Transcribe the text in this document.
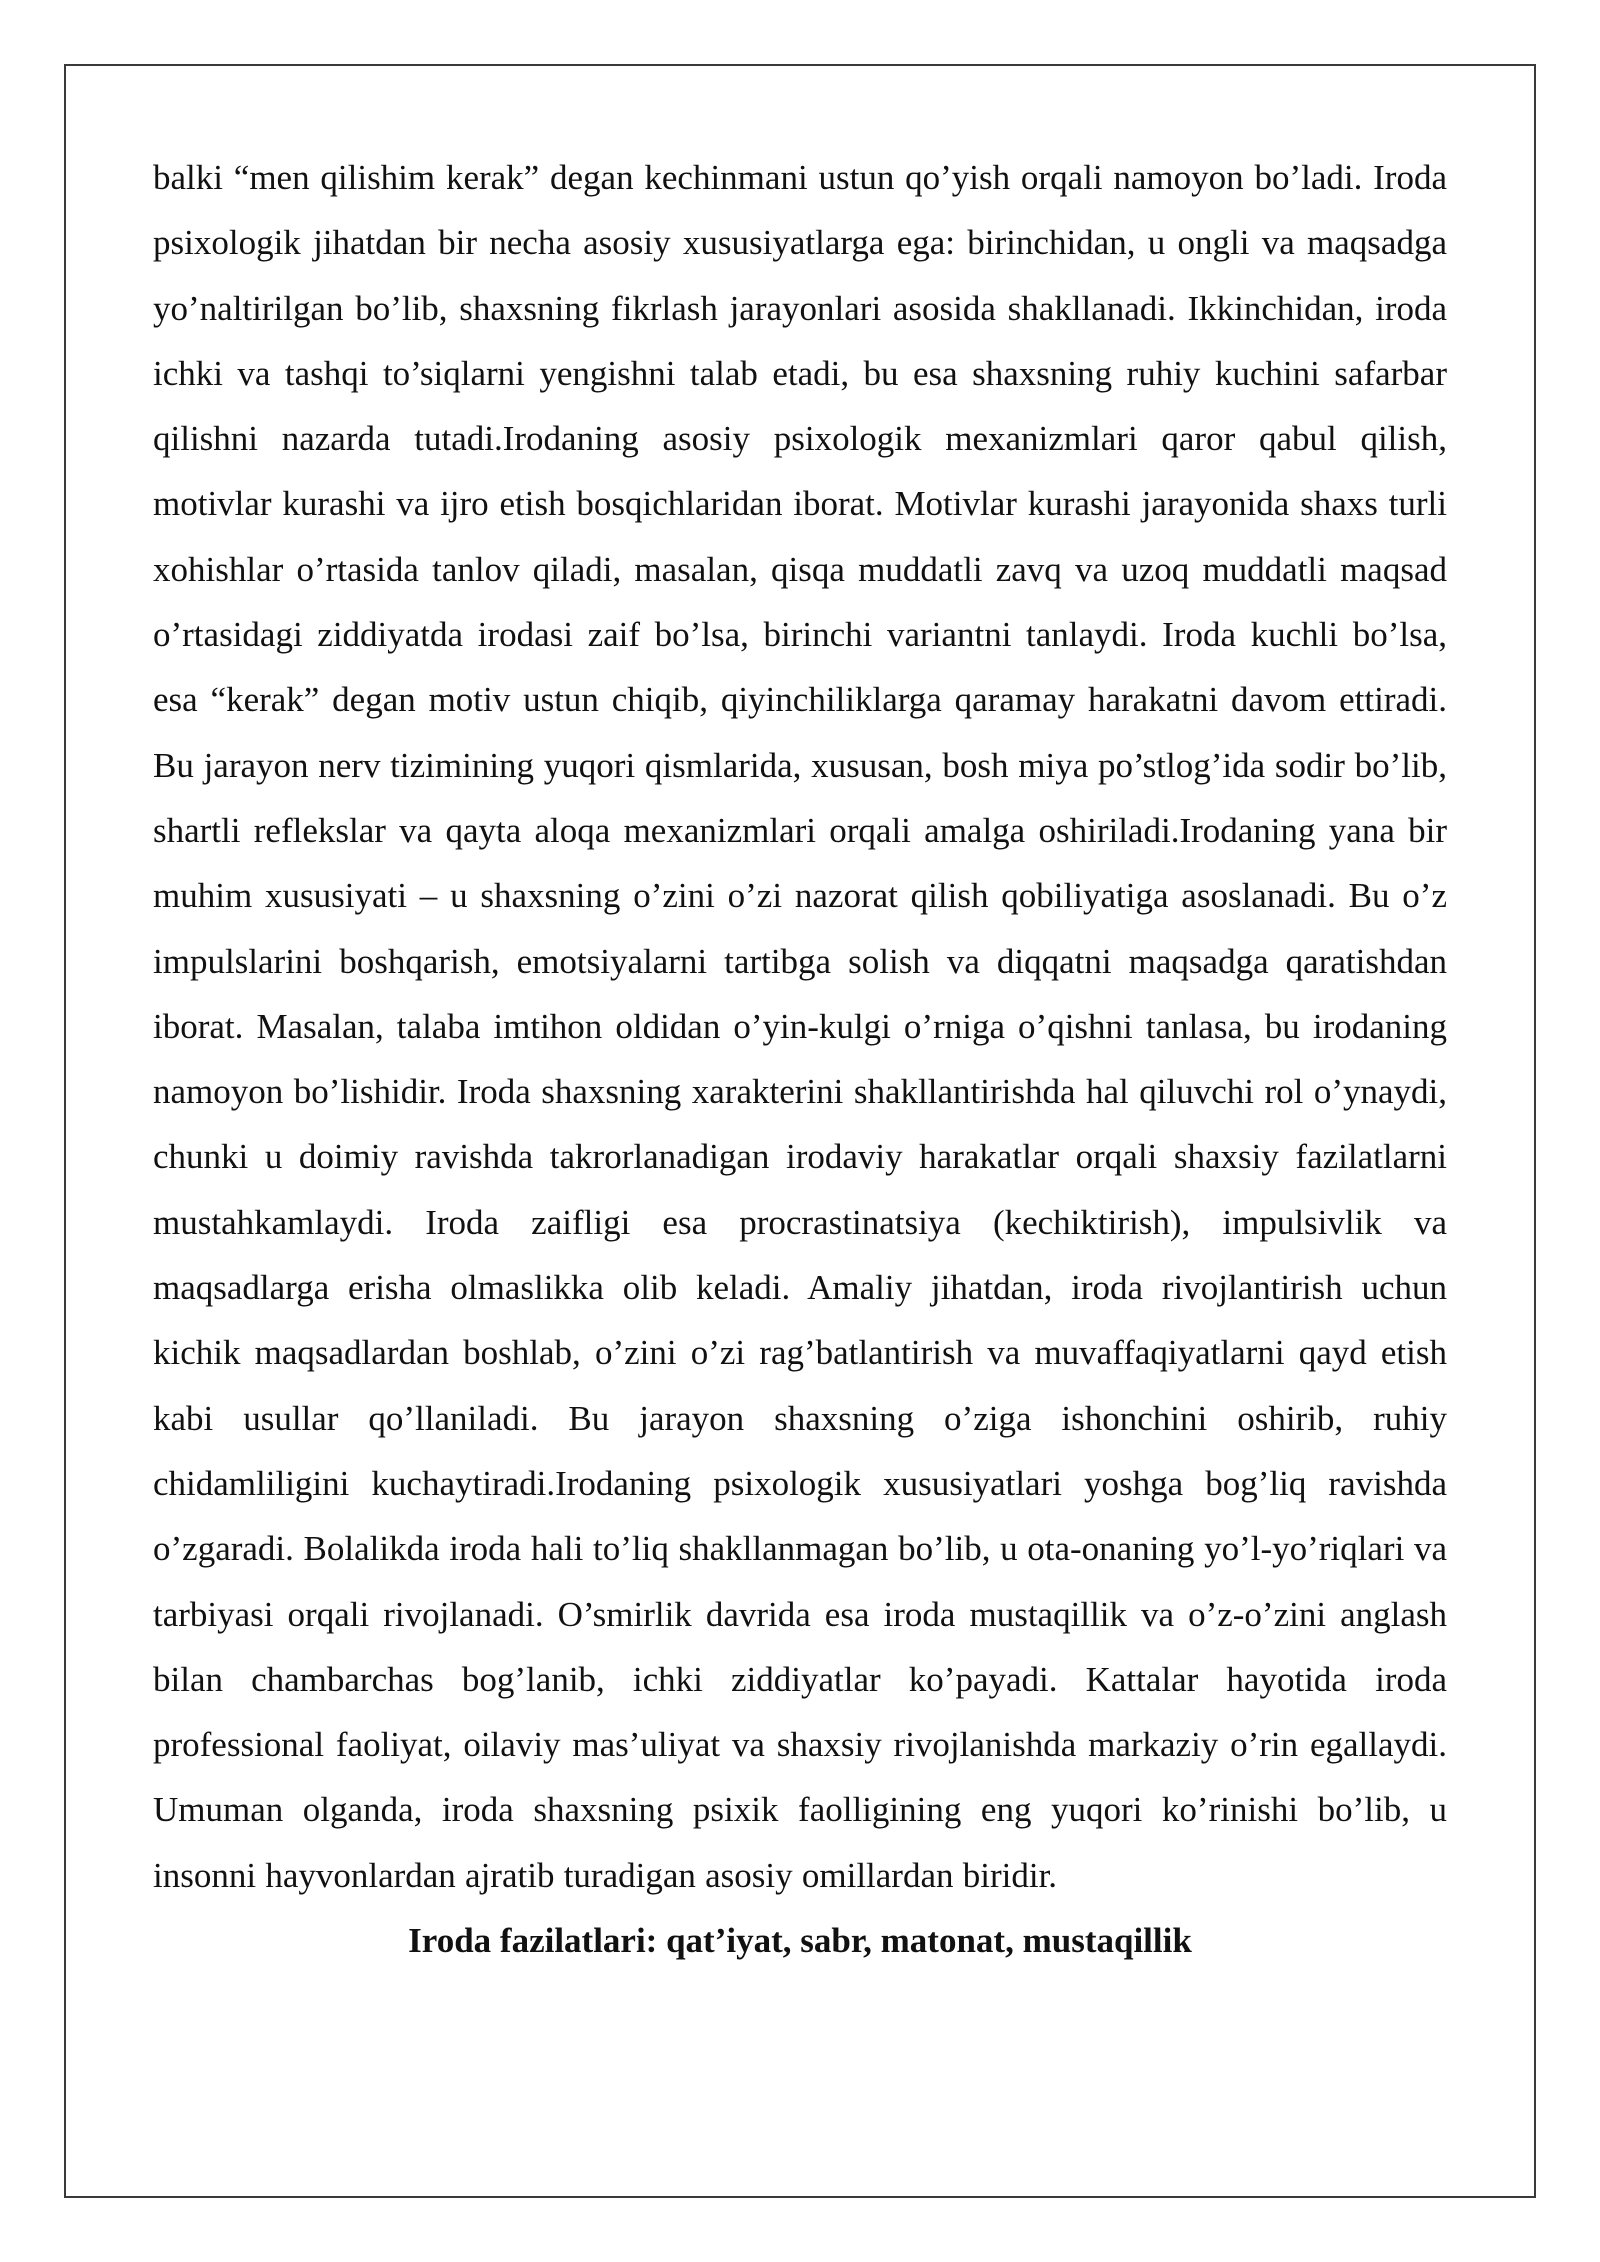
balki “men qilishim kerak” degan kechinmani ustun qo’yish orqali namoyon bo’ladi. Iroda psixologik jihatdan bir necha asosiy xususiyatlarga ega: birinchidan, u ongli va maqsadga yo’naltirilgan bo’lib, shaxsning fikrlash jarayonlari asosida shakllanadi. Ikkinchidan, iroda ichki va tashqi to’siqlarni yengishni talab etadi, bu esa shaxsning ruhiy kuchini safarbar qilishni nazarda tutadi.Irodaning asosiy psixologik mexanizmlari qaror qabul qilish, motivlar kurashi va ijro etish bosqichlaridan iborat. Motivlar kurashi jarayonida shaxs turli xohishlar o’rtasida tanlov qiladi, masalan, qisqa muddatli zavq va uzoq muddatli maqsad o’rtasidagi ziddiyatda irodasi zaif bo’lsa, birinchi variantni tanlaydi. Iroda kuchli bo’lsa, esa “kerak” degan motiv ustun chiqib, qiyinchiliklarga qaramay harakatni davom ettiradi. Bu jarayon nerv tizimining yuqori qismlarida, xususan, bosh miya po’stlog’ida sodir bo’lib, shartli reflekslar va qayta aloqa mexanizmlari orqali amalga oshiriladi.Irodaning yana bir muhim xususiyati – u shaxsning o’zini o’zi nazorat qilish qobiliyatiga asoslanadi. Bu o’z impulslarini boshqarish, emotsiyalarni tartibga solish va diqqatni maqsadga qaratishdan iborat. Masalan, talaba imtihon oldidan o’yin-kulgi o’rniga o’qishni tanlasa, bu irodaning namoyon bo’lishidir. Iroda shaxsning xarakterini shakllantirishda hal qiluvchi rol o’ynaydi, chunki u doimiy ravishda takrorlanadigan irodaviy harakatlar orqali shaxsiy fazilatlarni mustahkamlaydi. Iroda zaifligi esa procrastinatsiya (kechiktirish), impulsivlik va maqsadlarga erisha olmaslikka olib keladi. Amaliy jihatdan, iroda rivojlantirish uchun kichik maqsadlardan boshlab, o’zini o’zi rag’batlantirish va muvaffaqiyatlarni qayd etish kabi usullar qo’llaniladi. Bu jarayon shaxsning o’ziga ishonchini oshirib, ruhiy chidamliligini kuchaytiradi.Irodaning psixologik xususiyatlari yoshga bog’liq ravishda o’zgaradi. Bolalikda iroda hali to’liq shakllanmagan bo’lib, u ota-onaning yo’l-yo’riqlari va tarbiyasi orqali rivojlanadi. O’smirlik davrida esa iroda mustaqillik va o’z-o’zini anglash bilan chambarchas bog’lanib, ichki ziddiyatlar ko’payadi. Kattalar hayotida iroda professional faoliyat, oilaviy mas’uliyat va shaxsiy rivojlanishda markaziy o’rin egallaydi. Umuman olganda, iroda shaxsning psixik faolligining eng yuqori ko’rinishi bo’lib, u insonni hayvonlardan ajratib turadigan asosiy omillardan biridir.

Iroda fazilatlari: qat’iyat, sabr, matonat, mustaqillik
